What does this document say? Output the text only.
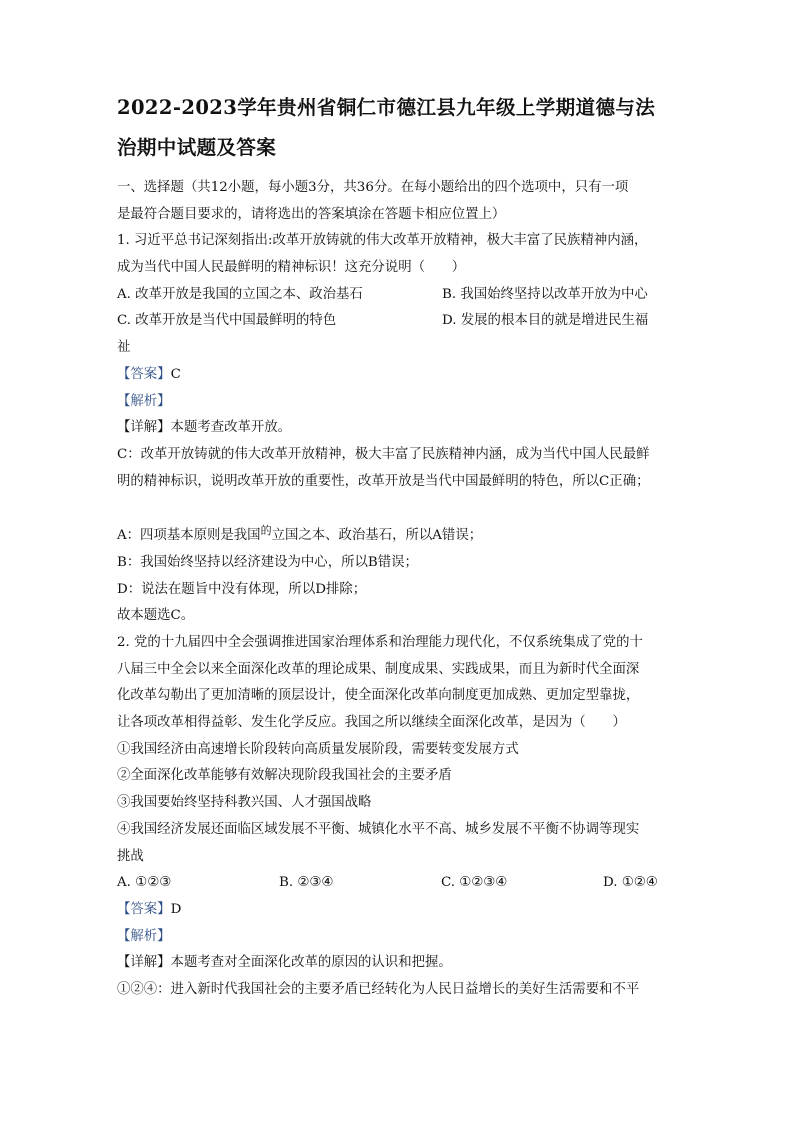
2022-2023学年贵州省铜仁市德江县九年级上学期道德与法
治期中试题及答案
一、选择题（共12小题，每小题3分，共36分。在每小题给出的四个选项中，只有一项
是最符合题目要求的，请将选出的答案填涂在答题卡相应位置上）
1. 习近平总书记深刻指出:改革开放铸就的伟大改革开放精神，极大丰富了民族精神内涵，
成为当代中国人民最鲜明的精神标识！这充分说明（　　）
A. 改革开放是我国的立国之本、政治基石	B. 我国始终坚持以改革开放为中心
C. 改革开放是当代中国最鲜明的特色	D. 发展的根本目的就是增进民生福
祉
【答案】C
【解析】
【详解】本题考查改革开放。
C：改革开放铸就的伟大改革开放精神，极大丰富了民族精神内涵，成为当代中国人民最鲜
明的精神标识，说明改革开放的重要性，改革开放是当代中国最鲜明的特色，所以C正确；
A：四项基本原则是我国$^的$立国之本、政治基石，所以A错误；
B：我国始终坚持以经济建设为中心，所以B错误；
D：说法在题旨中没有体现，所以D排除；
故本题选C。
2. 党的十九届四中全会强调推进国家治理体系和治理能力现代化，不仅系统集成了党的十
八届三中全会以来全面深化改革的理论成果、制度成果、实践成果，而且为新时代全面深
化改革勾勒出了更加清晰的顶层设计，使全面深化改革向制度更加成熟、更加定型靠拢，
让各项改革相得益彰、发生化学反应。我国之所以继续全面深化改革，是因为（　　）
①我国经济由高速增长阶段转向高质量发展阶段，需要转变发展方式
②全面深化改革能够有效解决现阶段我国社会的主要矛盾
③我国要始终坚持科教兴国、人才强国战略
④我国经济发展还面临区域发展不平衡、城镇化水平不高、城乡发展不平衡不协调等现实
挑战
A. ①②③	B. ②③④	C. ①②③④	D. ①②④
【答案】D
【解析】
【详解】本题考查对全面深化改革的原因的认识和把握。
①②④：进入新时代我国社会的主要矛盾已经转化为人民日益增长的美好生活需要和不平
